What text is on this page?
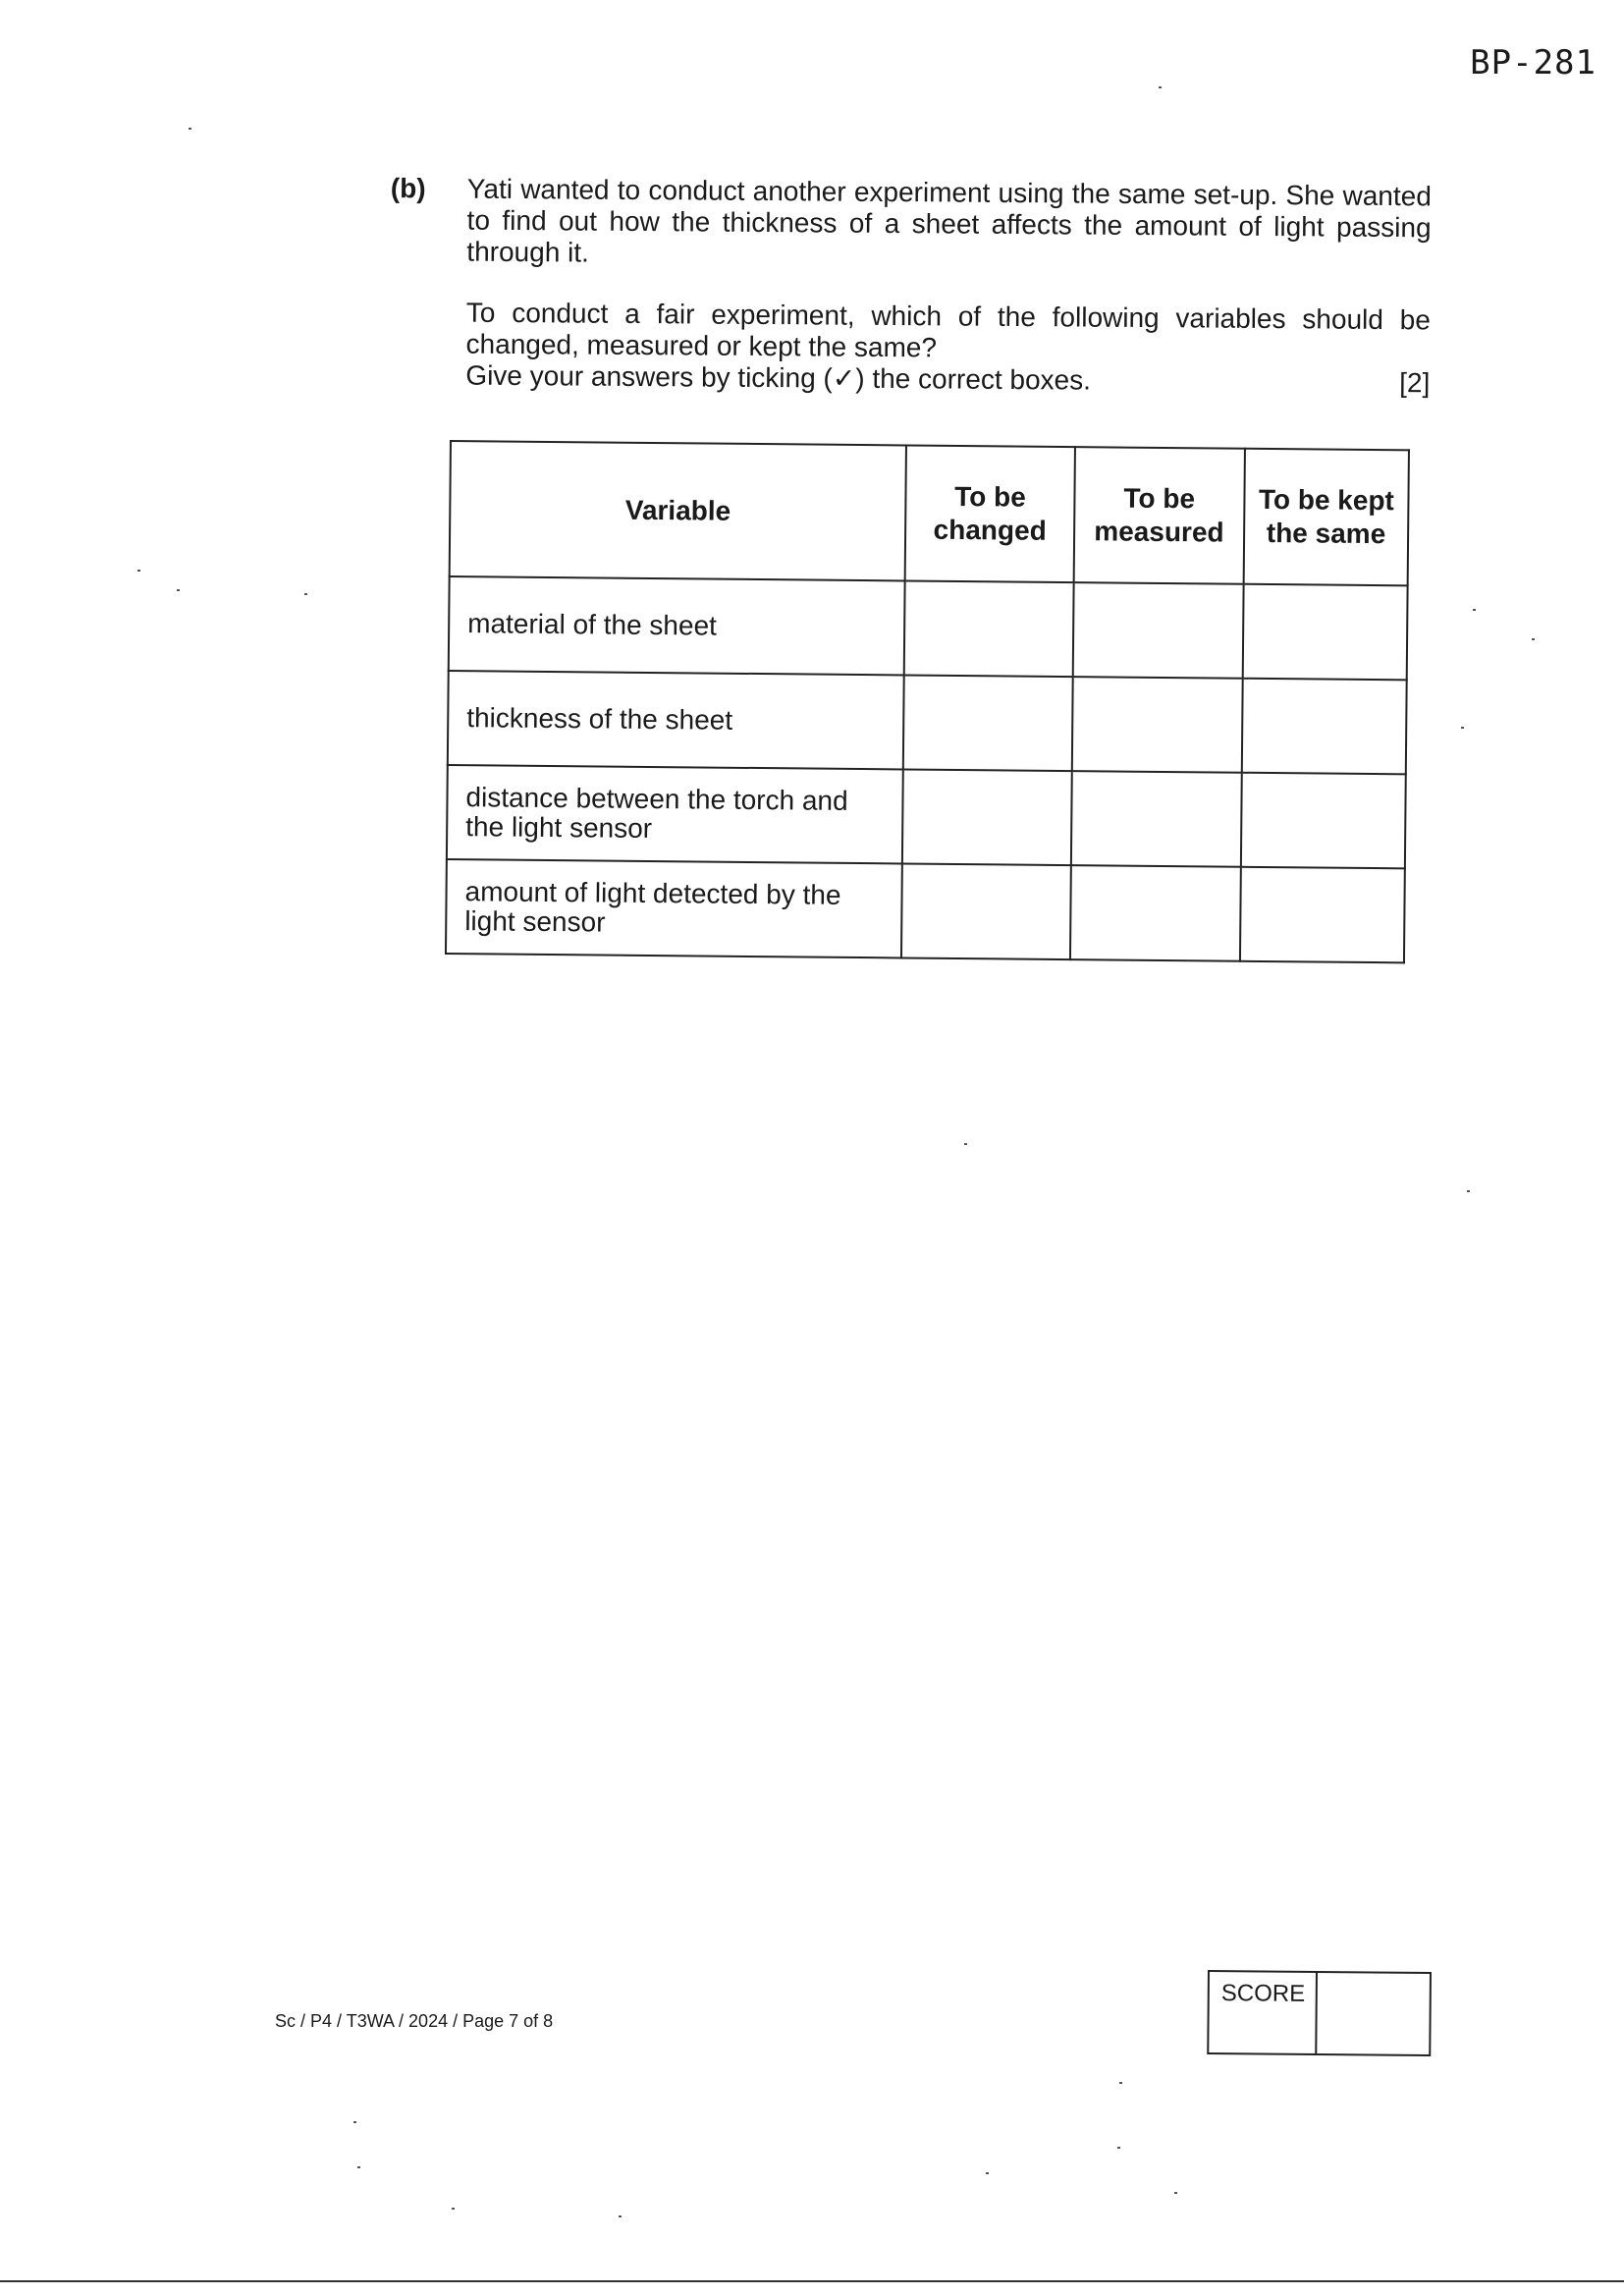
BP-281
(b) Yati wanted to conduct another experiment using the same set-up. She wanted to find out how the thickness of a sheet affects the amount of light passing through it.
To conduct a fair experiment, which of the following variables should be changed, measured or kept the same?
Give your answers by ticking (✓) the correct boxes.	[2]
Variable	To be changed	To be measured	To be kept the same
material of the sheet			
thickness of the sheet			
distance between the torch and the light sensor			
amount of light detected by the light sensor			
Sc / P4 / T3WA / 2024 / Page 7 of 8
SCORE
